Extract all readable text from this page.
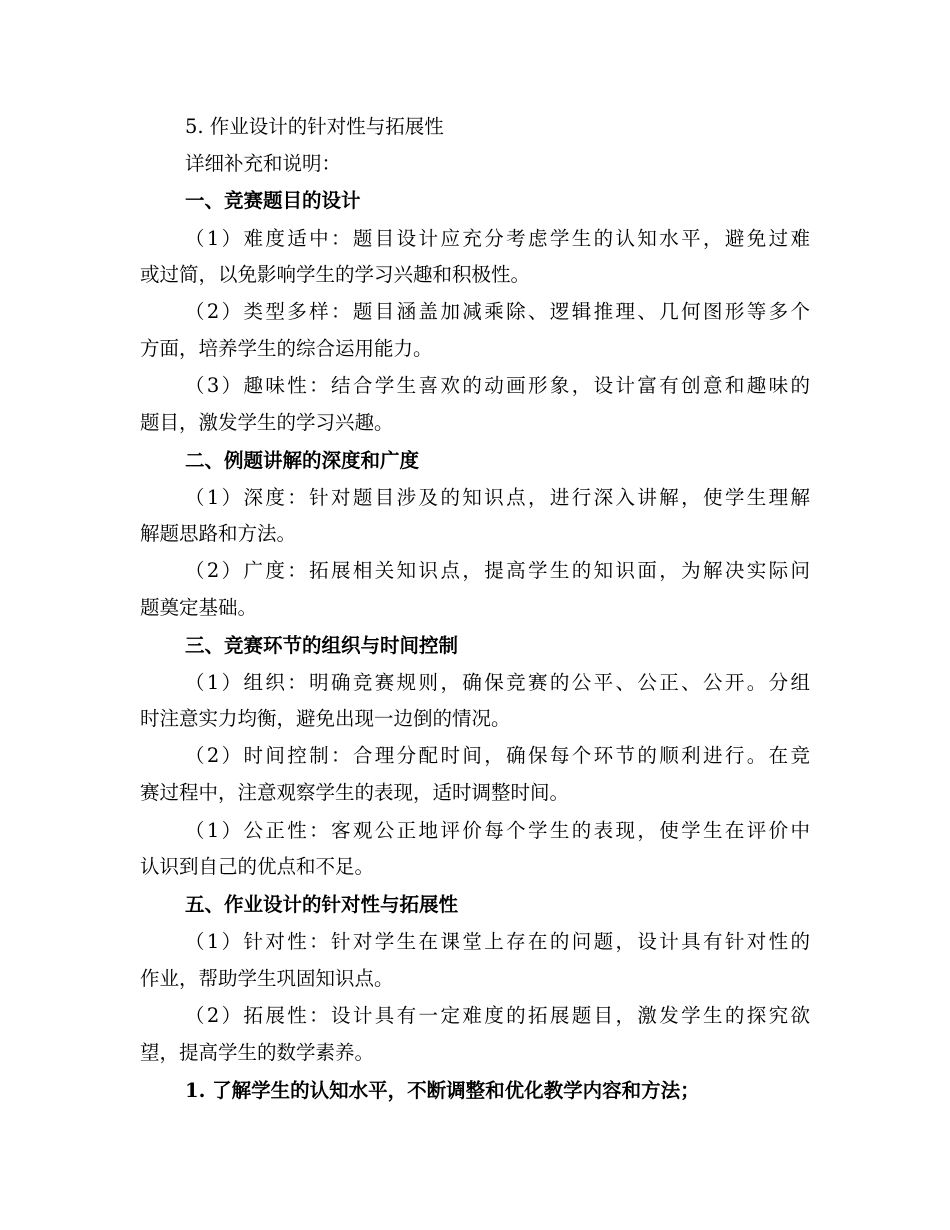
5. 作业设计的针对性与拓展性
详细补充和说明：
一、竞赛题目的设计
（1）难度适中：题目设计应充分考虑学生的认知水平，避免过难
或过简，以免影响学生的学习兴趣和积极性。
（2）类型多样：题目涵盖加减乘除、逻辑推理、几何图形等多个
方面，培养学生的综合运用能力。
（3）趣味性：结合学生喜欢的动画形象，设计富有创意和趣味的
题目，激发学生的学习兴趣。
二、例题讲解的深度和广度
（1）深度：针对题目涉及的知识点，进行深入讲解，使学生理解
解题思路和方法。
（2）广度：拓展相关知识点，提高学生的知识面，为解决实际问
题奠定基础。
三、竞赛环节的组织与时间控制
（1）组织：明确竞赛规则，确保竞赛的公平、公正、公开。分组
时注意实力均衡，避免出现一边倒的情况。
（2）时间控制：合理分配时间，确保每个环节的顺利进行。在竞
赛过程中，注意观察学生的表现，适时调整时间。
（1）公正性：客观公正地评价每个学生的表现，使学生在评价中
认识到自己的优点和不足。
五、作业设计的针对性与拓展性
（1）针对性：针对学生在课堂上存在的问题，设计具有针对性的
作业，帮助学生巩固知识点。
（2）拓展性：设计具有一定难度的拓展题目，激发学生的探究欲
望，提高学生的数学素养。
1. 了解学生的认知水平，不断调整和优化教学内容和方法；
